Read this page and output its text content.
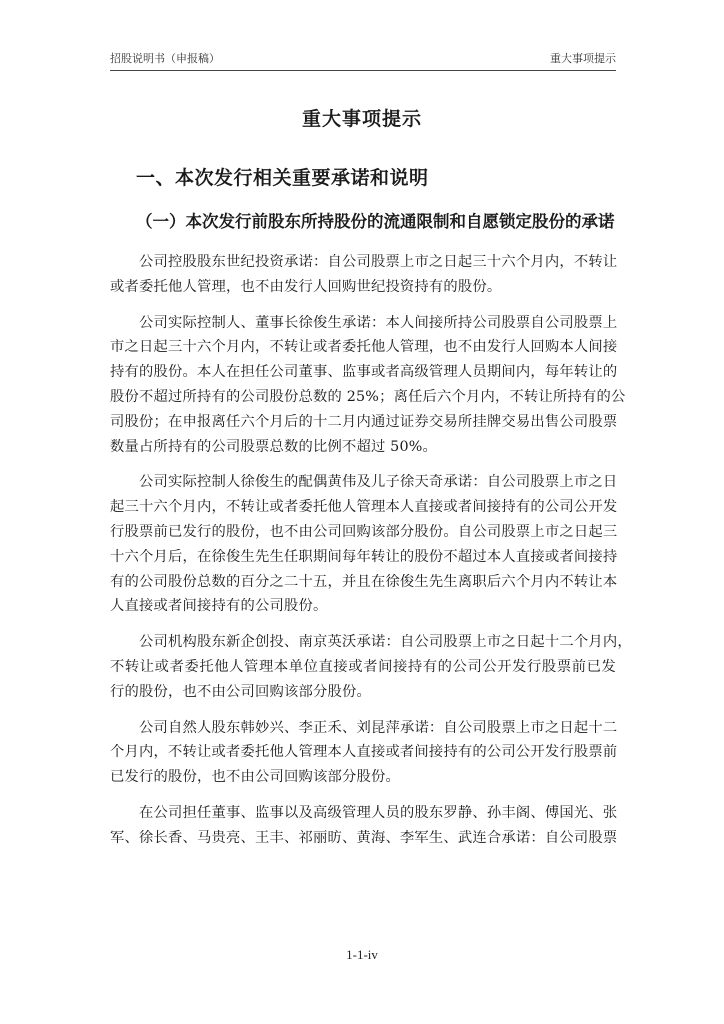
招股说明书（申报稿）	重大事项提示
重大事项提示
一、本次发行相关重要承诺和说明
（一）本次发行前股东所持股份的流通限制和自愿锁定股份的承诺
公司控股股东世纪投资承诺：自公司股票上市之日起三十六个月内，不转让
或者委托他人管理，也不由发行人回购世纪投资持有的股份。
公司实际控制人、董事长徐俊生承诺：本人间接所持公司股票自公司股票上
市之日起三十六个月内，不转让或者委托他人管理，也不由发行人回购本人间接
持有的股份。本人在担任公司董事、监事或者高级管理人员期间内，每年转让的
股份不超过所持有的公司股份总数的 25%；离任后六个月内，不转让所持有的公
司股份；在申报离任六个月后的十二月内通过证券交易所挂牌交易出售公司股票
数量占所持有的公司股票总数的比例不超过 50%。
公司实际控制人徐俊生的配偶黄伟及儿子徐天奇承诺：自公司股票上市之日
起三十六个月内，不转让或者委托他人管理本人直接或者间接持有的公司公开发
行股票前已发行的股份，也不由公司回购该部分股份。自公司股票上市之日起三
十六个月后，在徐俊生先生任职期间每年转让的股份不超过本人直接或者间接持
有的公司股份总数的百分之二十五，并且在徐俊生先生离职后六个月内不转让本
人直接或者间接持有的公司股份。
公司机构股东新企创投、南京英沃承诺：自公司股票上市之日起十二个月内，
不转让或者委托他人管理本单位直接或者间接持有的公司公开发行股票前已发
行的股份，也不由公司回购该部分股份。
公司自然人股东韩妙兴、李正禾、刘昆萍承诺：自公司股票上市之日起十二
个月内，不转让或者委托他人管理本人直接或者间接持有的公司公开发行股票前
已发行的股份，也不由公司回购该部分股份。
在公司担任董事、监事以及高级管理人员的股东罗静、孙丰阁、傅国光、张
军、徐长香、马贵亮、王丰、祁丽昉、黄海、李军生、武连合承诺：自公司股票
1-1-iv
